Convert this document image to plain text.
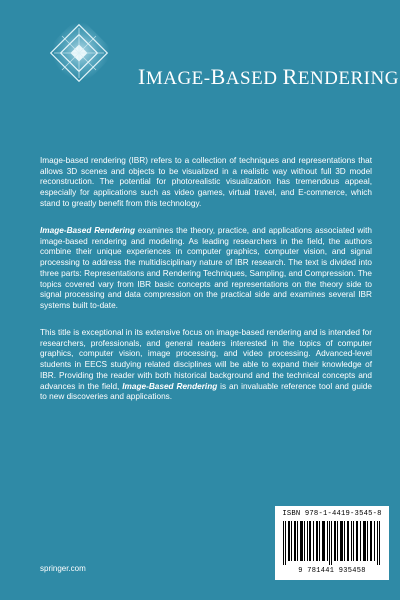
IMAGE-BASED RENDERING

Image-based rendering (IBR) refers to a collection of techniques and representations that allows 3D scenes and objects to be visualized in a realistic way without full 3D model reconstruction. The potential for photorealistic visualization has tremendous appeal, especially for applications such as video games, virtual travel, and E-commerce, which stand to greatly benefit from this technology.

Image-Based Rendering examines the theory, practice, and applications associated with image-based rendering and modeling. As leading researchers in the field, the authors combine their unique experiences in computer graphics, computer vision, and signal processing to address the multidisciplinary nature of IBR research. The text is divided into three parts: Representations and Rendering Techniques, Sampling, and Compression. The topics covered vary from IBR basic concepts and representations on the theory side to signal processing and data compression on the practical side and examines several IBR systems built to-date.

This title is exceptional in its extensive focus on image-based rendering and is intended for researchers, professionals, and general readers interested in the topics of computer graphics, computer vision, image processing, and video processing. Advanced-level students in EECS studying related disciplines will be able to expand their knowledge of IBR. Providing the reader with both historical background and the technical concepts and advances in the field, Image-Based Rendering is an invaluable reference tool and guide to new discoveries and applications.

springer.com
ISBN 978-1-4419-3545-8
9 781441 935458
